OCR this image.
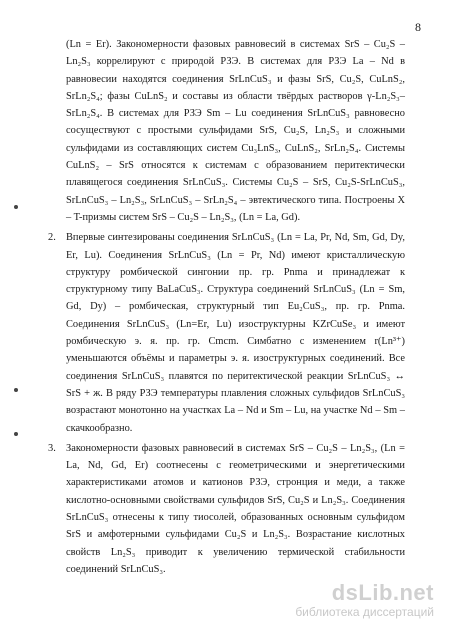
8

(Ln = Er). Закономерности фазовых равновесий в системах SrS – Cu₂S – Ln₂S₃ коррелируют с природой РЗЭ. В системах для РЗЭ La – Nd в равновесии находятся соединения SrLnCuS₃ и фазы SrS, Cu₂S, CuLnS₂, SrLn₂S₄; фазы CuLnS₂ и составы из области твёрдых растворов γ-Ln₂S₃–SrLn₂S₄. В системах для РЗЭ Sm – Lu соединения SrLnCuS₃ равновесно сосуществуют с простыми сульфидами SrS, Cu₂S, Ln₂S₃ и сложными сульфидами из составляющих систем Cu₃LnS₃, CuLnS₂, SrLn₂S₄. Системы CuLnS₂ – SrS относятся к системам с образованием перитектически плавящегося соединения SrLnCuS₃. Системы Cu₂S – SrS, Cu₂S-SrLnCuS₃, SrLnCuS₃ – Ln₂S₃, SrLnCuS₃ – SrLn₂S₄ – эвтектического типа. Построены X – T-призмы систем SrS – Cu₂S – Ln₂S₃, (Ln = La, Gd).

2. Впервые синтезированы соединения SrLnCuS₃ (Ln = La, Pr, Nd, Sm, Gd, Dy, Er, Lu). Соединения SrLnCuS₃ (Ln = Pr, Nd) имеют кристаллическую структуру ромбической сингонии пр. гр. Pnma и принадлежат к структурному типу BaLaCuS₃. Структура соединений SrLnCuS₃ (Ln = Sm, Gd, Dy) – ромбическая, структурный тип Eu₂CuS₃, пр. гр. Pnma. Соединения SrLnCuS₃ (Ln=Er, Lu) изоструктурны KZrCuSe₃ и имеют ромбическую э. я. пр. гр. Cmcm. Симбатно с изменением r(Ln³⁺) уменьшаются объёмы и параметры э. я. изоструктурных соединений. Все соединения SrLnCuS₃ плавятся по перитектической реакции SrLnCuS₃ ↔ SrS + ж. В ряду РЗЭ температуры плавления сложных сульфидов SrLnCuS₃ возрастают монотонно на участках La – Nd и Sm – Lu, на участке Nd – Sm – скачкообразно.
3. Закономерности фазовых равновесий в системах SrS – Cu₂S – Ln₂S₃, (Ln = La, Nd, Gd, Er) соотнесены с геометрическими и энергетическими характеристиками атомов и катионов РЗЭ, стронция и меди, а также кислотно-основными свойствами сульфидов SrS, Cu₂S и Ln₂S₃. Соединения SrLnCuS₃ отнесены к типу тиосолей, образованных основным сульфидом SrS и амфотерными сульфидами Cu₂S и Ln₂S₃. Возрастание кислотных свойств Ln₂S₃ приводит к увеличению термической стабильности соединений SrLnCuS₃.
dsLib.net
библиотека диссертаций
